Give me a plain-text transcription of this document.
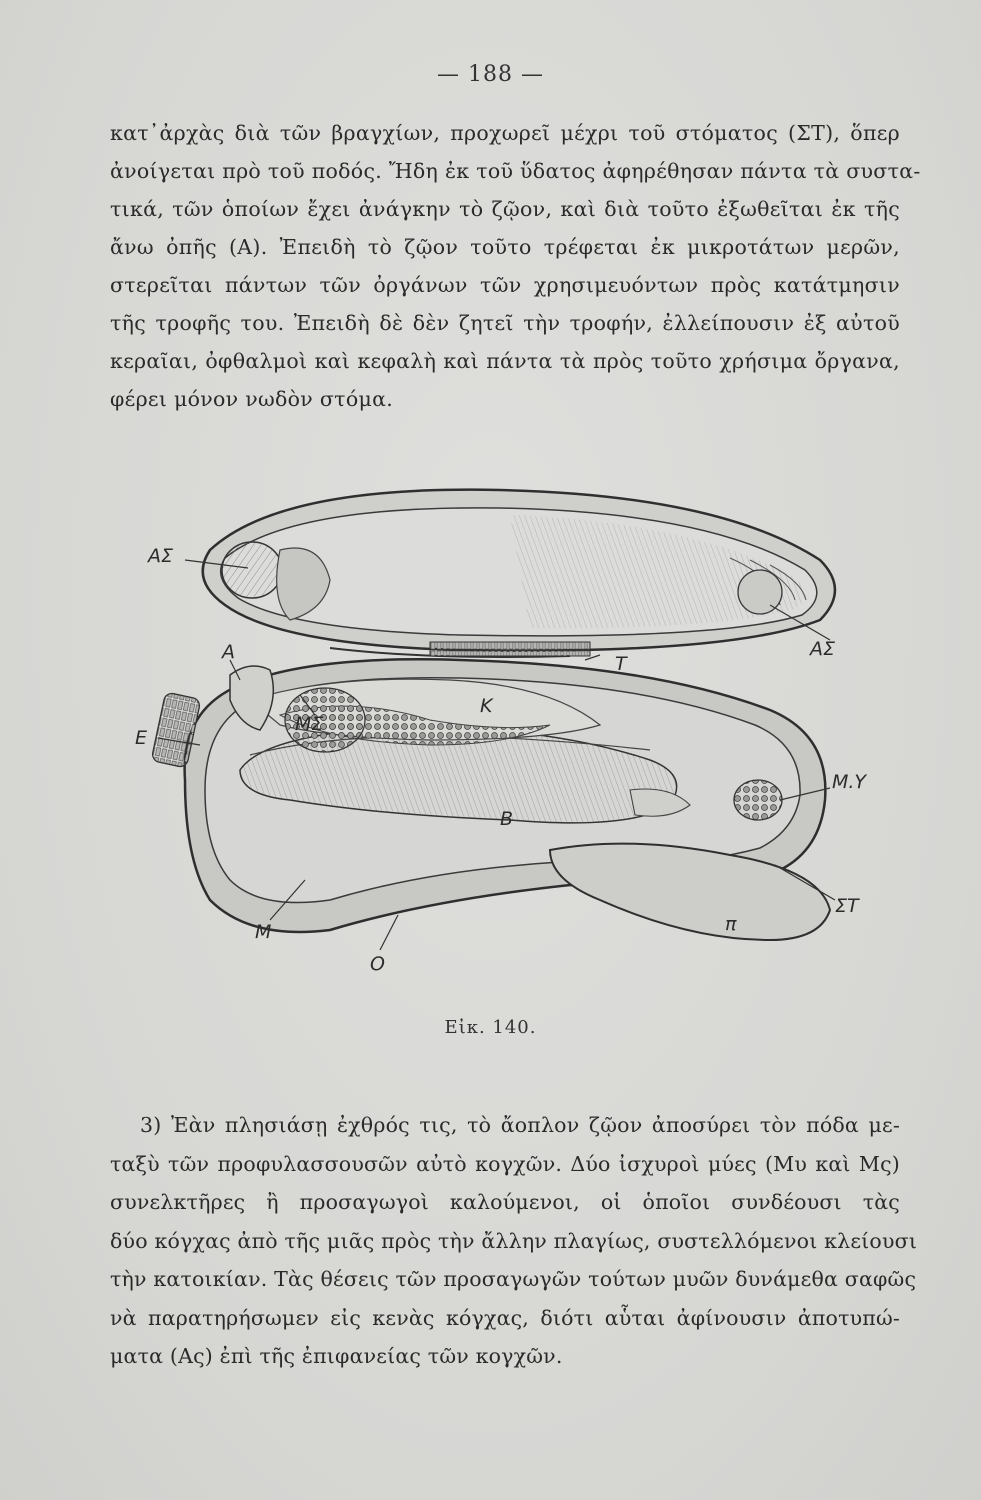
— 188 —
κατ᾽ἀρχὰς διὰ τῶν βραγχίων, προχωρεῖ μέχρι τοῦ στόματος (ΣΤ), ὅπερ
ἀνοίγεται πρὸ τοῦ ποδός. Ἤδη ἐκ τοῦ ὕδατος ἀφηρέθησαν πάντα τὰ συστα-
τικά, τῶν ὁποίων ἔχει ἀνάγκην τὸ ζῷον, καὶ διὰ τοῦτο ἐξωθεῖται ἐκ τῆς
ἄνω ὀπῆς (Α). Ἐπειδὴ τὸ ζῷον τοῦτο τρέφεται ἐκ μικροτάτων μερῶν,
στερεῖται πάντων τῶν ὀργάνων τῶν χρησιμευόντων πρὸς κατάτμησιν
τῆς τροφῆς του. Ἐπειδὴ δὲ δὲν ζητεῖ τὴν τροφήν, ἐλλείπουσιν ἐξ αὐτοῦ
κεραῖαι, ὀφθαλμοὶ καὶ κεφαλὴ καὶ πάντα τὰ πρὸς τοῦτο χρήσιμα ὄργανα,
φέρει μόνον νωδὸν στόμα.
ΑΣ
ΑΣ
Α
Τ
Ε
Κ
ΜΣ
Β
Μ.Υ
Μ
Ο
π
ΣΤ
Εἰκ. 140.
3) Ἐὰν πλησιάσῃ ἐχθρός τις, τὸ ἄοπλον ζῷον ἀποσύρει τὸν πόδα με-
ταξὺ τῶν προφυλασσουσῶν αὐτὸ κογχῶν. Δύο ἰσχυροὶ μύες (Μυ καὶ Μς)
συνελκτῆρες ἢ προσαγωγοὶ καλούμενοι, οἱ ὁποῖοι συνδέουσι τὰς
δύο κόγχας ἀπὸ τῆς μιᾶς πρὸς τὴν ἄλλην πλαγίως, συστελλόμενοι κλείουσι
τὴν κατοικίαν. Τὰς θέσεις τῶν προσαγωγῶν τούτων μυῶν δυνάμεθα σαφῶς
νὰ παρατηρήσωμεν εἰς κενὰς κόγχας, διότι αὗται ἀφίνουσιν ἀποτυπώ-
ματα (Ας) ἐπὶ τῆς ἐπιφανείας τῶν κογχῶν.
